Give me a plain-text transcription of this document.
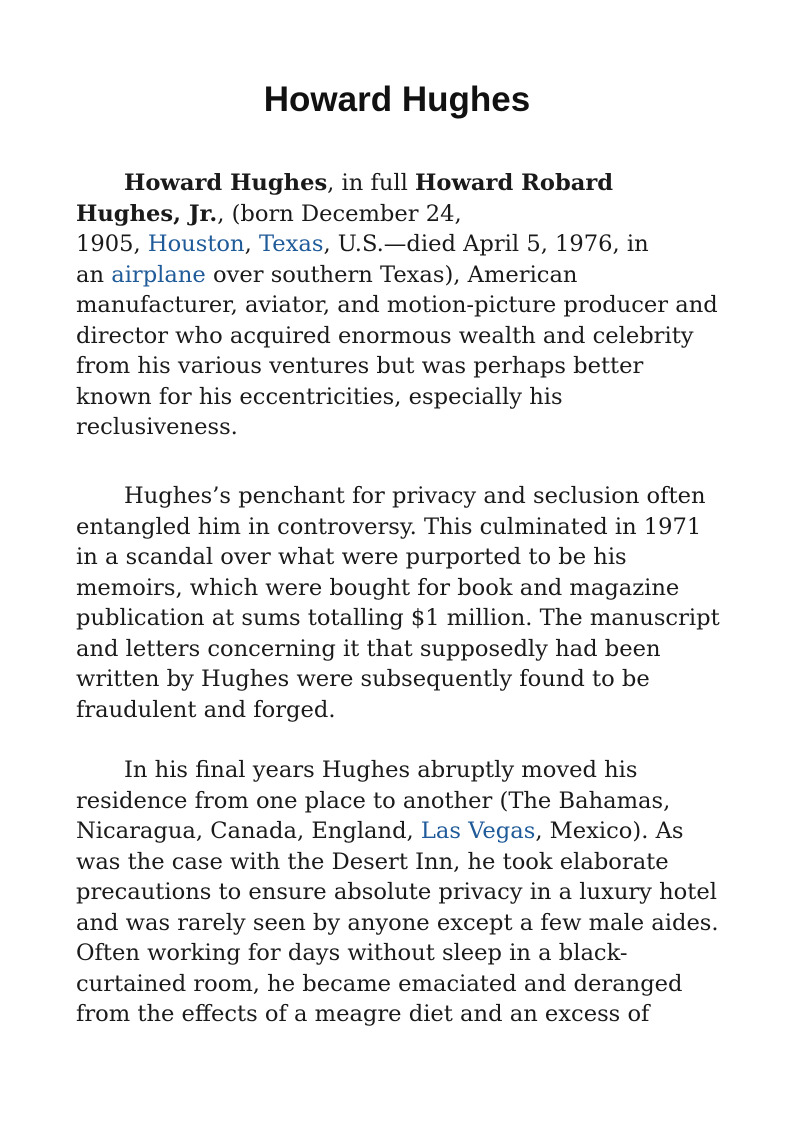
Howard Hughes

Howard Hughes, in full Howard Robard
Hughes, Jr., (born December 24,
1905, Houston, Texas, U.S.—died April 5, 1976, in
an airplane over southern Texas), American manufacturer, aviator, and motion-picture producer and director who acquired enormous wealth and celebrity from his various ventures but was perhaps better known for his eccentricities, especially his reclusiveness.

Hughes’s penchant for privacy and seclusion often entangled him in controversy. This culminated in 1971 in a scandal over what were purported to be his memoirs, which were bought for book and magazine publication at sums totalling $1 million. The manuscript and letters concerning it that supposedly had been written by Hughes were subsequently found to be fraudulent and forged.

In his final years Hughes abruptly moved his residence from one place to another (The Bahamas, Nicaragua, Canada, England, Las Vegas, Mexico). As was the case with the Desert Inn, he took elaborate precautions to ensure absolute privacy in a luxury hotel and was rarely seen by anyone except a few male aides. Often working for days without sleep in a black-curtained room, he became emaciated and deranged from the effects of a meagre diet and an excess of
